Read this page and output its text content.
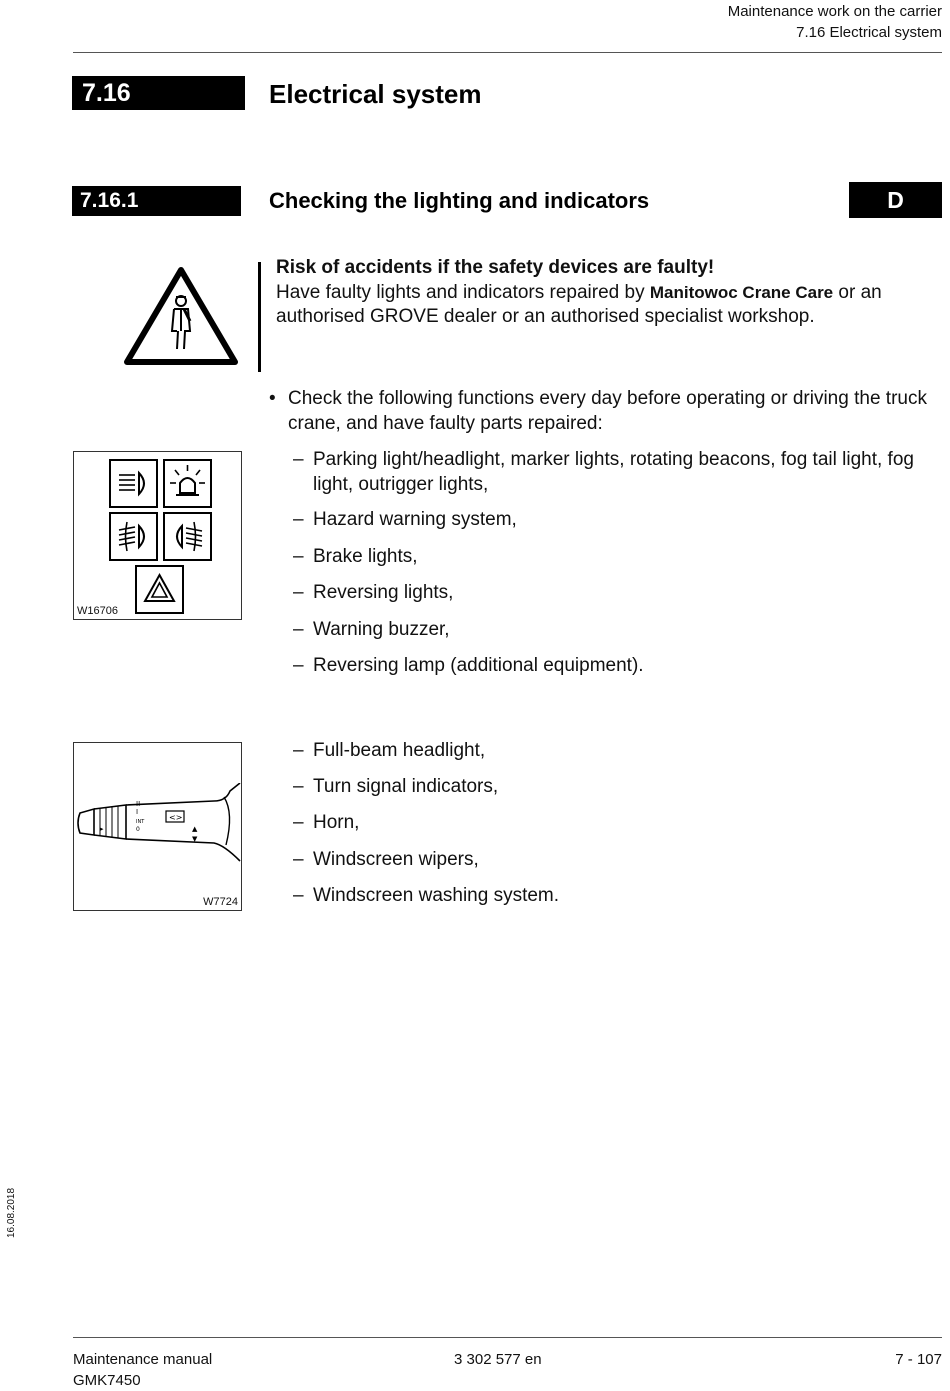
Maintenance work on the carrier
7.16 Electrical system
7.16	Electrical system
7.16.1	Checking the lighting and indicators	D
Risk of accidents if the safety devices are faulty!
Have faulty lights and indicators repaired by Manitowoc Crane Care or an authorised GROVE dealer or an authorised specialist workshop.
• Check the following functions every day before operating or driving the truck crane, and have faulty parts repaired:
W16706
– Parking light/headlight, marker lights, rotating beacons, fog tail light, fog light, outrigger lights,
– Hazard warning system,
– Brake lights,
– Reversing lights,
– Warning buzzer,
– Reversing lamp (additional equipment).
<>
II
I
INT
0
▸	▲
▼
W7724
– Full-beam headlight,
– Turn signal indicators,
– Horn,
– Windscreen wipers,
– Windscreen washing system.
16.08.2018
Maintenance manual
GMK7450
3 302 577 en	7 - 107
